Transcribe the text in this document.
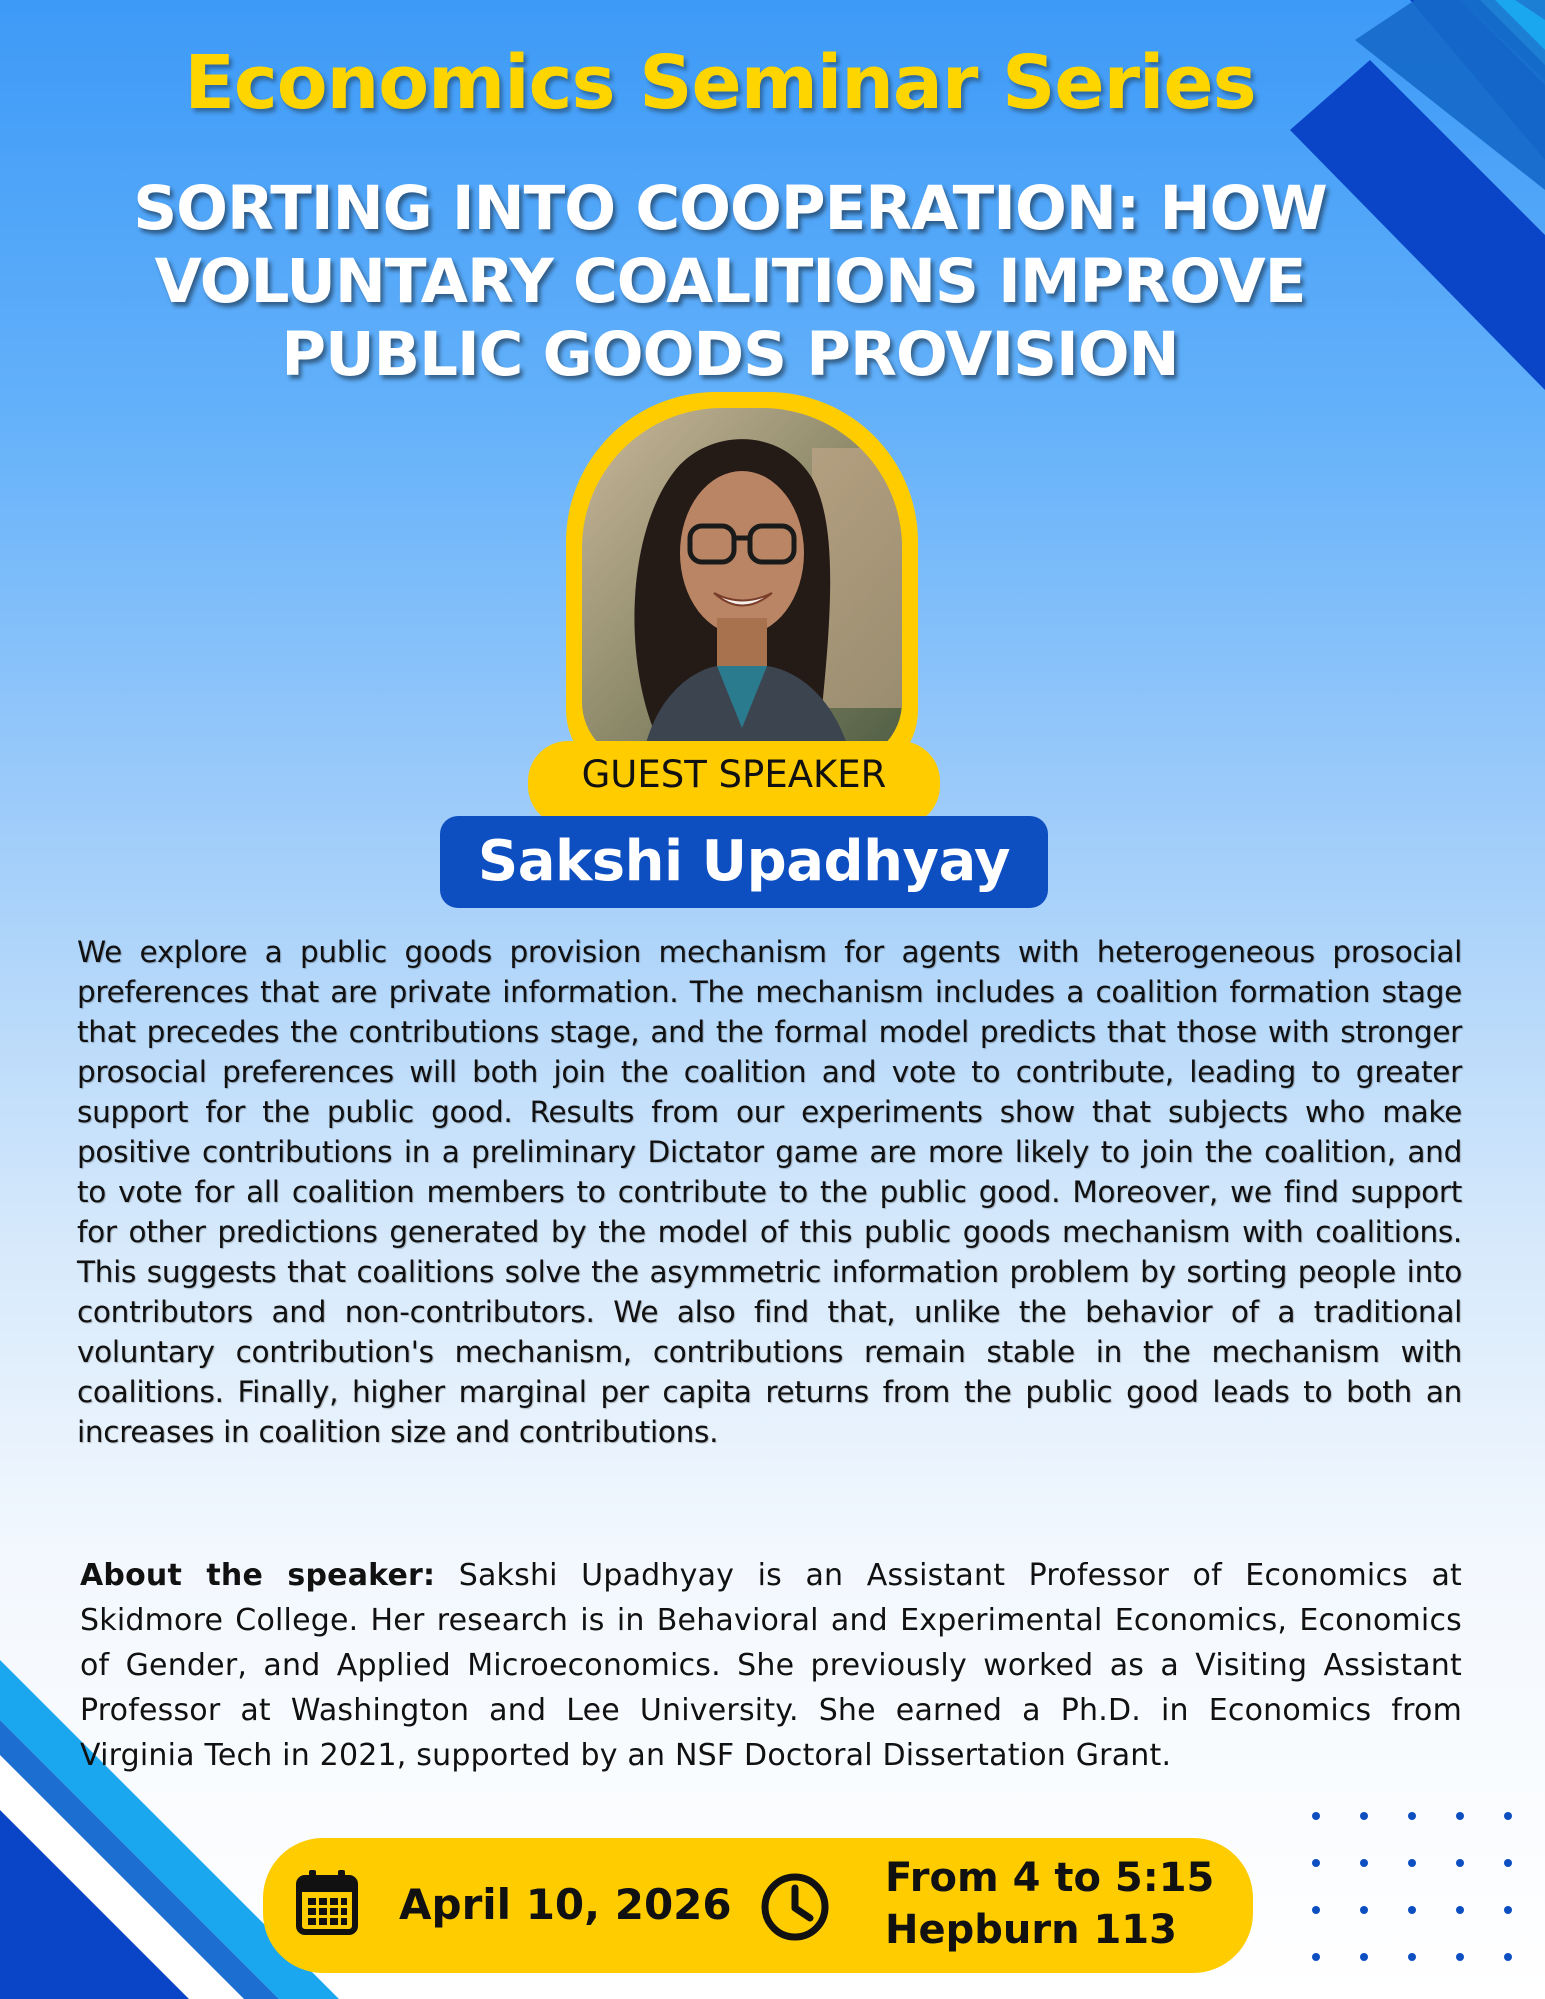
Economics Seminar Series
SORTING INTO COOPERATION: HOW VOLUNTARY COALITIONS IMPROVE PUBLIC GOODS PROVISION
GUEST SPEAKER
Sakshi Upadhyay
We explore a public goods provision mechanism for agents with heterogeneous prosocial preferences that are private information. The mechanism includes a coalition formation stage that precedes the contributions stage, and the formal model predicts that those with stronger prosocial preferences will both join the coalition and vote to contribute, leading to greater support for the public good. Results from our experiments show that subjects who make positive contributions in a preliminary Dictator game are more likely to join the coalition, and to vote for all coalition members to contribute to the public good. Moreover, we find support for other predictions generated by the model of this public goods mechanism with coalitions. This suggests that coalitions solve the asymmetric information problem by sorting people into contributors and non-contributors. We also find that, unlike the behavior of a traditional voluntary contribution's mechanism, contributions remain stable in the mechanism with coalitions. Finally, higher marginal per capita returns from the public good leads to both an increases in coalition size and contributions.
About the speaker: Sakshi Upadhyay is an Assistant Professor of Economics at Skidmore College. Her research is in Behavioral and Experimental Economics, Economics of Gender, and Applied Microeconomics. She previously worked as a Visiting Assistant Professor at Washington and Lee University. She earned a Ph.D. in Economics from Virginia Tech in 2021, supported by an NSF Doctoral Dissertation Grant.
April 10, 2026
From 4 to 5:15
Hepburn 113
